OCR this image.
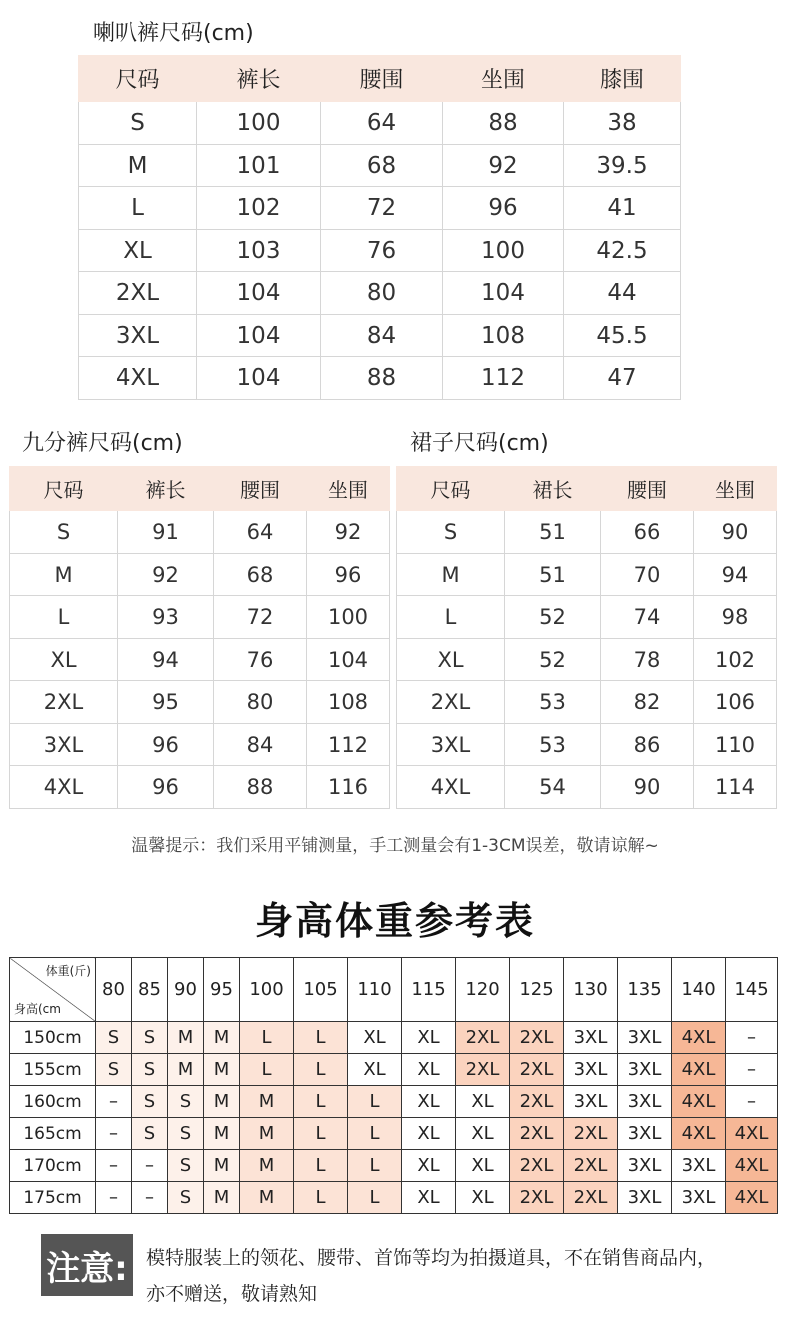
喇叭裤尺码(cm)
尺码	裤长	腰围	坐围	膝围
S	100	64	88	38
M	101	68	92	39.5
L	102	72	96	41
XL	103	76	100	42.5
2XL	104	80	104	44
3XL	104	84	108	45.5
4XL	104	88	112	47
九分裤尺码(cm)
尺码	裤长	腰围	坐围
S	91	64	92
M	92	68	96
L	93	72	100
XL	94	76	104
2XL	95	80	108
3XL	96	84	112
4XL	96	88	116
裙子尺码(cm)
尺码	裙长	腰围	坐围
S	51	66	90
M	51	70	94
L	52	74	98
XL	52	78	102
2XL	53	82	106
3XL	53	86	110
4XL	54	90	114
温馨提示：我们采用平铺测量，手工测量会有1-3CM误差，敬请谅解~
身高体重参考表
体重(斤)
身高(cm	80	85	90	95	100	105	110	115	120	125	130	135	140	145
150cm	S	S	M	M	L	L	XL	XL	2XL	2XL	3XL	3XL	4XL	–
155cm	S	S	M	M	L	L	XL	XL	2XL	2XL	3XL	3XL	4XL	–
160cm	–	S	S	M	M	L	L	XL	XL	2XL	3XL	3XL	4XL	–
165cm	–	S	S	M	M	L	L	XL	XL	2XL	2XL	3XL	4XL	4XL
170cm	–	–	S	M	M	L	L	XL	XL	2XL	2XL	3XL	3XL	4XL
175cm	–	–	S	M	M	L	L	XL	XL	2XL	2XL	3XL	3XL	4XL
注意: 模特服装上的领花、腰带、首饰等均为拍摄道具，不在销售商品内，
亦不赠送，敬请熟知
